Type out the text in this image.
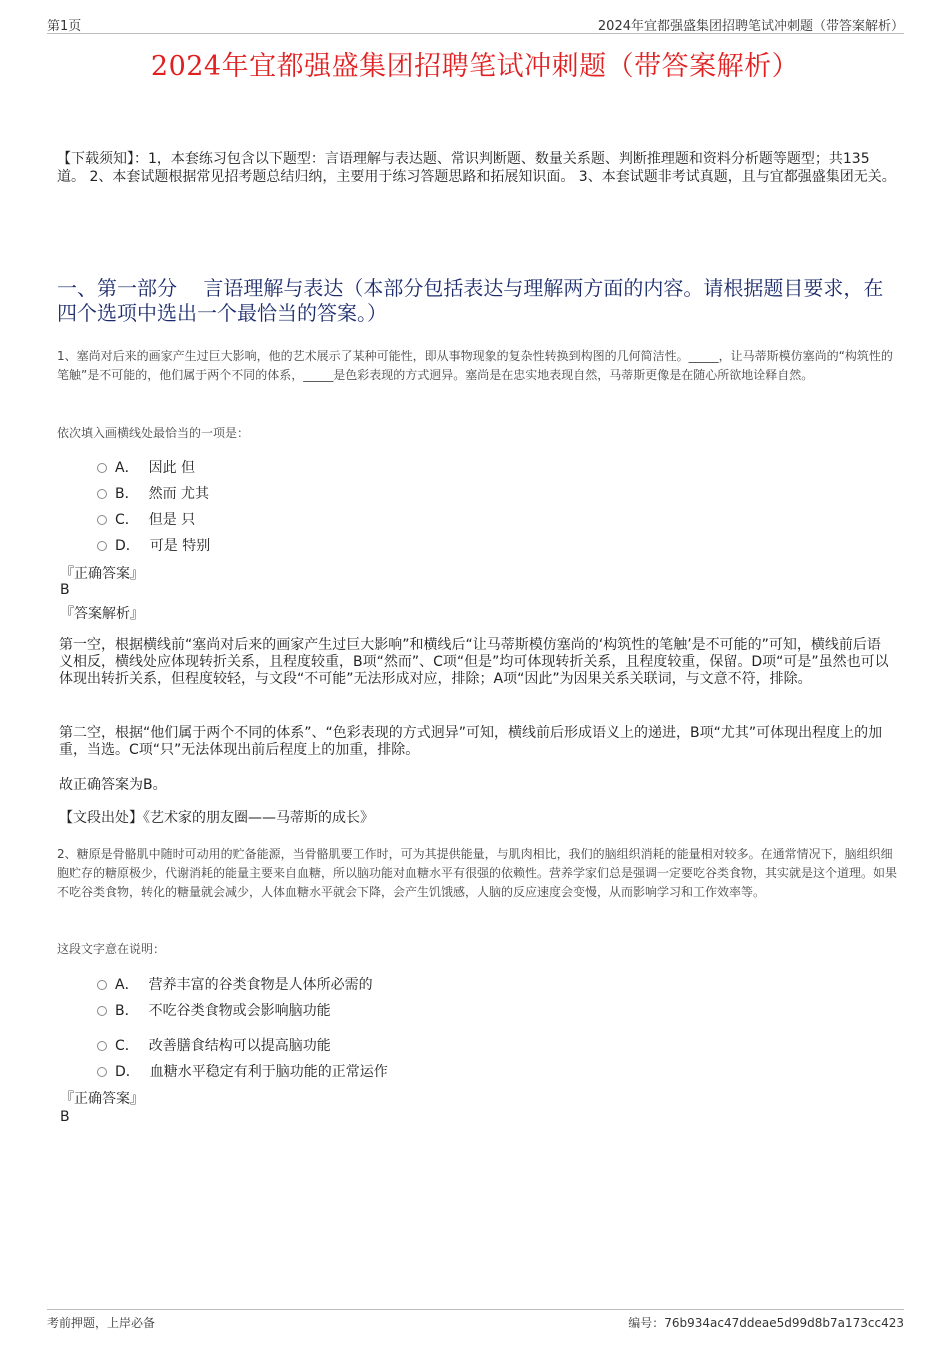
第1页	2024年宜都强盛集团招聘笔试冲刺题（带答案解析）
2024年宜都强盛集团招聘笔试冲刺题（带答案解析）
【下载须知】：1，本套练习包含以下题型：言语理解与表达题、常识判断题、数量关系题、判断推理题和资料分析题等题型；共135道。 2、本套试题根据常见招考题总结归纳，主要用于练习答题思路和拓展知识面。 3、本套试题非考试真题，且与宜都强盛集团无关。
一、第一部分　 言语理解与表达（本部分包括表达与理解两方面的内容。请根据题目要求，在四个选项中选出一个最恰当的答案。）
1、塞尚对后来的画家产生过巨大影响，他的艺术展示了某种可能性，即从事物现象的复杂性转换到构图的几何简洁性。_____，让马蒂斯模仿塞尚的“构筑性的笔触”是不可能的，他们属于两个不同的体系，_____是色彩表现的方式迥异。塞尚是在忠实地表现自然，马蒂斯更像是在随心所欲地诠释自然。
依次填入画横线处最恰当的一项是：
A． 因此 但
B． 然而 尤其
C． 但是 只
D． 可是 特别
『正确答案』
B
『答案解析』
第一空，根据横线前“塞尚对后来的画家产生过巨大影响”和横线后“让马蒂斯模仿塞尚的‘构筑性的笔触’是不可能的”可知，横线前后语义相反，横线处应体现转折关系，且程度较重，B项“然而”、C项“但是”均可体现转折关系，且程度较重，保留。D项“可是”虽然也可以体现出转折关系，但程度较轻，与文段“不可能”无法形成对应，排除；A项“因此”为因果关系关联词，与文意不符，排除。
第二空，根据“他们属于两个不同的体系”、“色彩表现的方式迥异”可知，横线前后形成语义上的递进，B项“尤其”可体现出程度上的加重，当选。C项“只”无法体现出前后程度上的加重，排除。
故正确答案为B。
【文段出处】《艺术家的朋友圈——马蒂斯的成长》
2、糖原是骨骼肌中随时可动用的贮备能源，当骨骼肌要工作时，可为其提供能量，与肌肉相比，我们的脑组织消耗的能量相对较多。在通常情况下，脑组织细胞贮存的糖原极少，代谢消耗的能量主要来自血糖，所以脑功能对血糖水平有很强的依赖性。营养学家们总是强调一定要吃谷类食物，其实就是这个道理。如果不吃谷类食物，转化的糖量就会减少，人体血糖水平就会下降，会产生饥饿感，人脑的反应速度会变慢，从而影响学习和工作效率等。
这段文字意在说明：
A． 营养丰富的谷类食物是人体所必需的
B． 不吃谷类食物或会影响脑功能
C． 改善膳食结构可以提高脑功能
D． 血糖水平稳定有利于脑功能的正常运作
『正确答案』
B
考前押题，上岸必备	编号：76b934ac47ddeae5d99d8b7a173cc423
